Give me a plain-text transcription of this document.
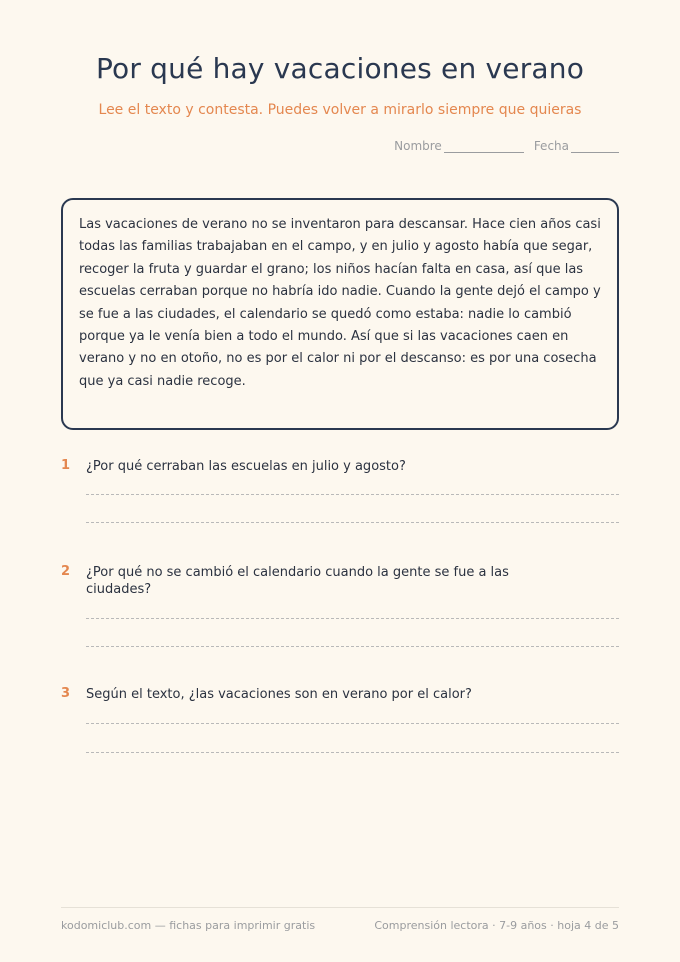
Por qué hay vacaciones en verano
Lee el texto y contesta. Puedes volver a mirarlo siempre que quieras
Nombre	Fecha
Las vacaciones de verano no se inventaron para descansar. Hace cien años casi todas las familias trabajaban en el campo, y en julio y agosto había que segar, recoger la fruta y guardar el grano; los niños hacían falta en casa, así que las escuelas cerraban porque no habría ido nadie. Cuando la gente dejó el campo y se fue a las ciudades, el calendario se quedó como estaba: nadie lo cambió porque ya le venía bien a todo el mundo. Así que si las vacaciones caen en verano y no en otoño, no es por el calor ni por el descanso: es por una cosecha que ya casi nadie recoge.
1 ¿Por qué cerraban las escuelas en julio y agosto?
2 ¿Por qué no se cambió el calendario cuando la gente se fue a las ciudades?
3 Según el texto, ¿las vacaciones son en verano por el calor?
kodomiclub.com — fichas para imprimir gratis	Comprensión lectora · 7-9 años · hoja 4 de 5
